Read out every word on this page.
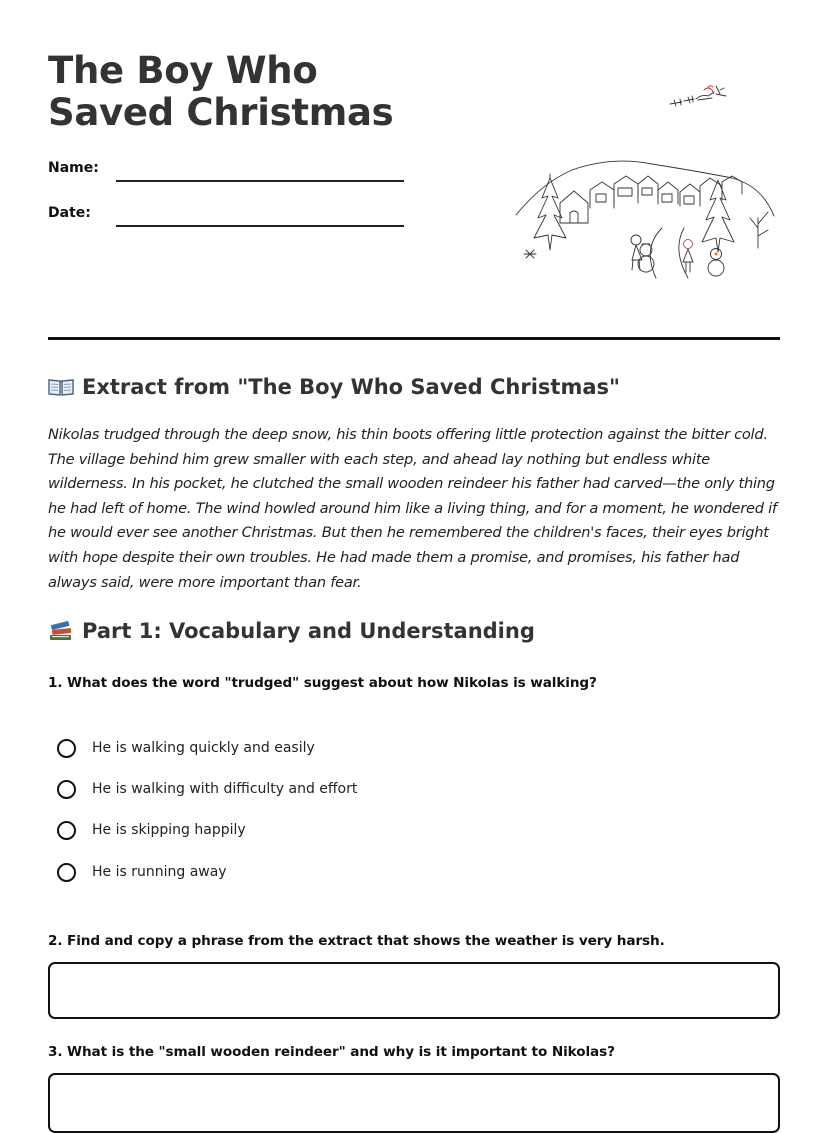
The Boy Who Saved Christmas
Name:
Date:
Extract from "The Boy Who Saved Christmas"

Nikolas trudged through the deep snow, his thin boots offering little protection against the bitter cold. The village behind him grew smaller with each step, and ahead lay nothing but endless white wilderness. In his pocket, he clutched the small wooden reindeer his father had carved—the only thing he had left of home. The wind howled around him like a living thing, and for a moment, he wondered if he would ever see another Christmas. But then he remembered the children's faces, their eyes bright with hope despite their own troubles. He had made them a promise, and promises, his father had always said, were more important than fear.

Part 1: Vocabulary and Understanding

1. What does the word "trudged" suggest about how Nikolas is walking?

He is walking quickly and easily
He is walking with difficulty and effort
He is skipping happily
He is running away

2. Find and copy a phrase from the extract that shows the weather is very harsh.

3. What is the "small wooden reindeer" and why is it important to Nikolas?
